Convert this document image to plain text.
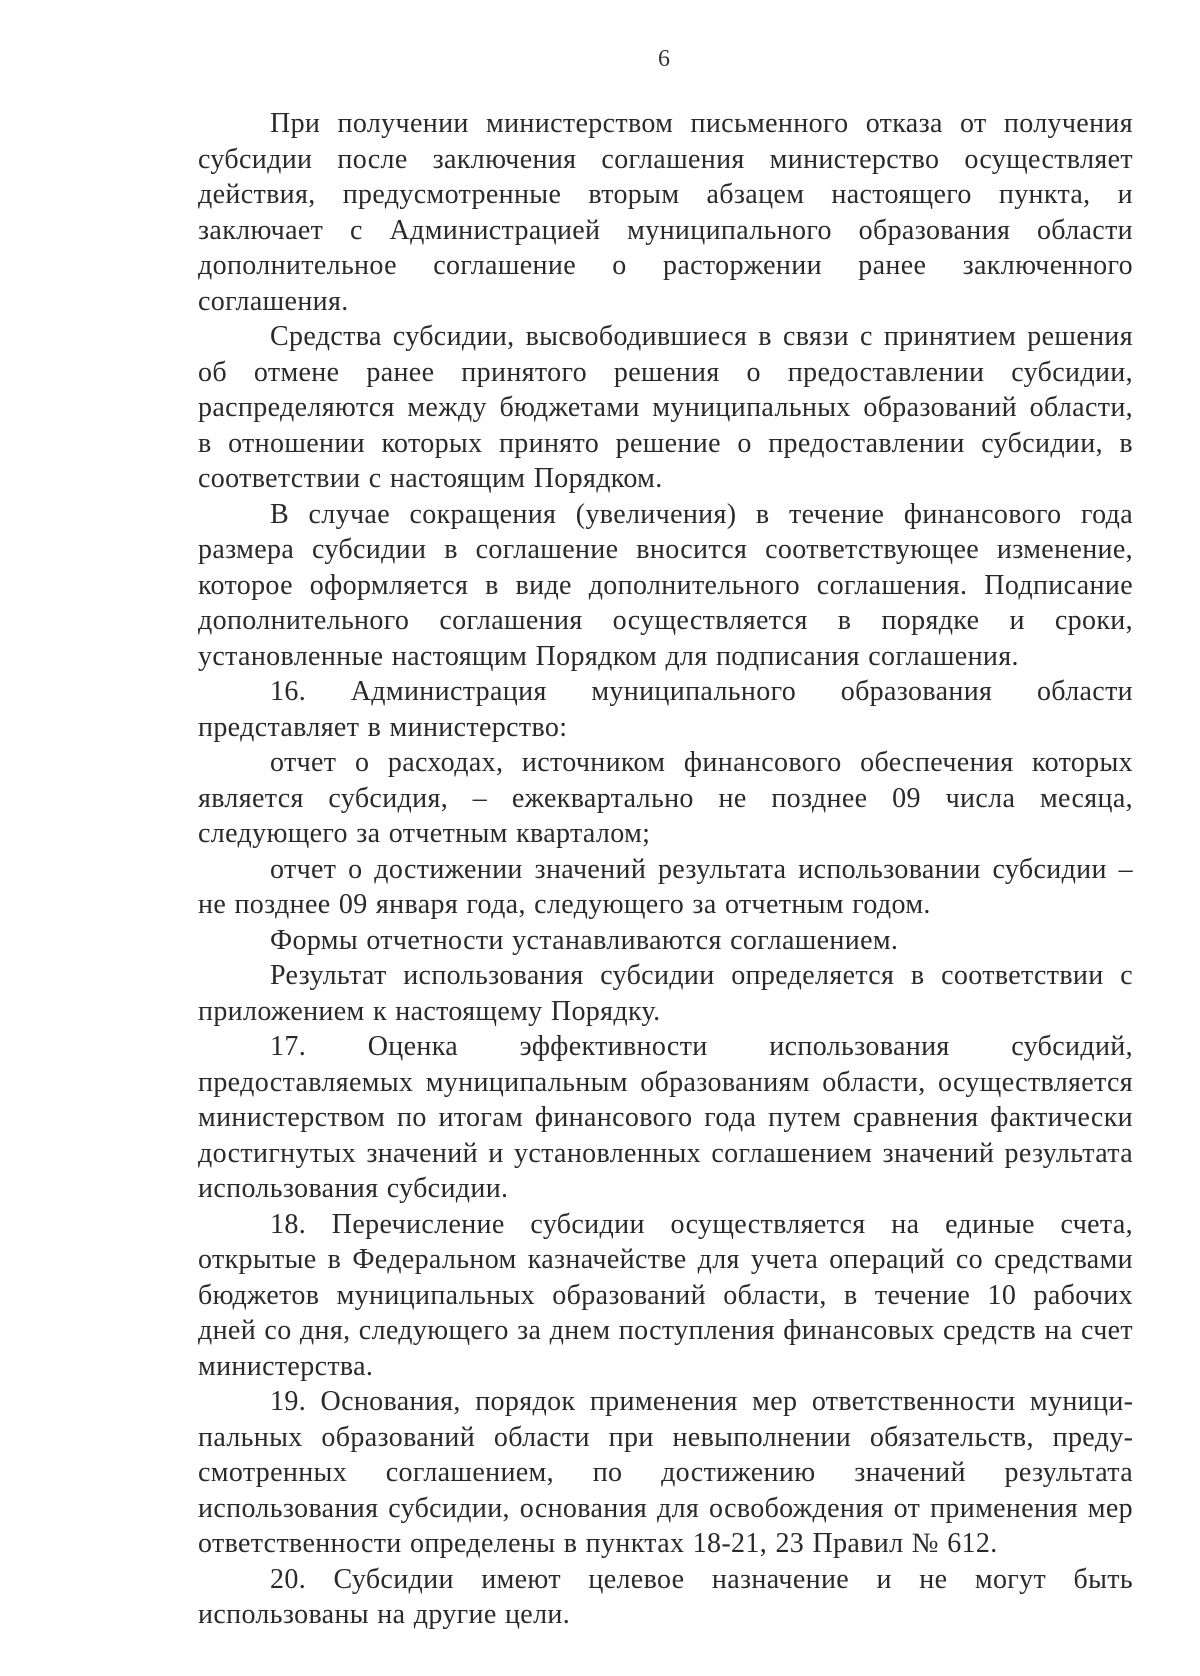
6

При получении министерством письменного отказа от получения субсидии после заключения соглашения министерство осуществляет действия, предусмотренные вторым абзацем настоящего пункта, и заключает с Администрацией муниципального образования области дополнительное соглашение о расторжении ранее заключенного соглашения.

Средства субсидии, высвободившиеся в связи с принятием решения об отмене ранее принятого решения о предоставлении субсидии, распределяются между бюджетами муниципальных образований области, в отношении которых принято решение о предоставлении субсидии, в соответствии с настоящим Порядком.

В случае сокращения (увеличения) в течение финансового года размера субсидии в соглашение вносится соответствующее изменение, которое оформляется в виде дополнительного соглашения. Подписание дополнительного соглашения осуществляется в порядке и сроки, установленные настоящим Порядком для подписания соглашения.

16. Администрация муниципального образования области представляет в министерство:

отчет о расходах, источником финансового обеспечения которых является субсидия, – ежеквартально не позднее 09 числа месяца, следующего за отчетным кварталом;

отчет о достижении значений результата использовании субсидии – не позднее 09 января года, следующего за отчетным годом.

Формы отчетности устанавливаются соглашением.

Результат использования субсидии определяется в соответствии с приложением к настоящему Порядку.

17. Оценка эффективности использования субсидий, предоставляемых муниципальным образованиям области, осуществляется министерством по итогам финансового года путем сравнения фактически достигнутых значений и установленных соглашением значений результата использования субсидии.

18. Перечисление субсидии осуществляется на единые счета, открытые в Федеральном казначействе для учета операций со средствами бюджетов муниципальных образований области, в течение 10 рабочих дней со дня, следующего за днем поступления финансовых средств на счет министерства.

19. Основания, порядок применения мер ответственности муниципальных образований области при невыполнении обязательств, предусмотренных соглашением, по достижению значений результата использования субсидии, основания для освобождения от применения мер ответственности определены в пунктах 18-21, 23 Правил № 612.

20. Субсидии имеют целевое назначение и не могут быть использованы на другие цели.
